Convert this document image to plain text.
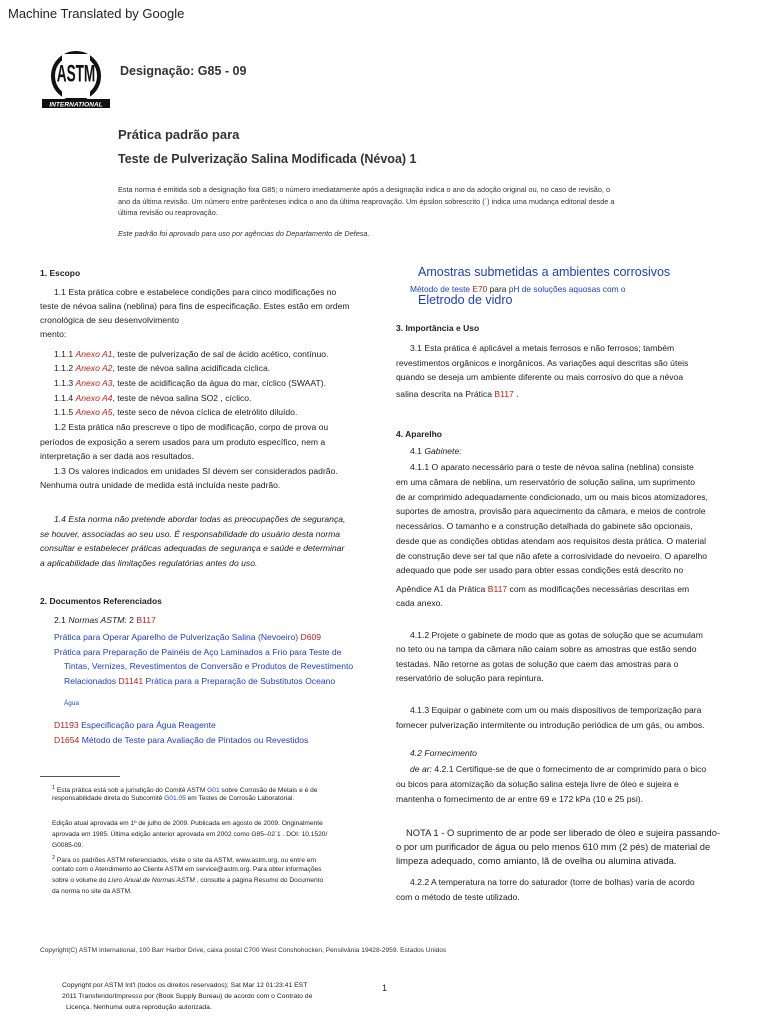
Machine Translated by Google
ASTM
INTERNATIONAL
Designação: G85 - 09
Prática padrão para
Teste de Pulverização Salina Modificada (Névoa) 1
Esta norma é emitida sob a designação fixa G85; o número imediatamente após a designação indica o ano da adoção original ou, no caso de revisão, o
ano da última revisão. Um número entre parênteses indica o ano da última reaprovação. Um épsilon sobrescrito (´) indica uma mudança editorial desde a
última revisão ou reaprovação.
Este padrão foi aprovado para uso por agências do Departamento de Defesa.
1. Escopo
1.1 Esta prática cobre e estabelece condições para cinco modificações no
teste de névoa salina (neblina) para fins de especificação. Estes estão em ordem
cronológica de seu desenvolvimento
mento:
1.1.1 Anexo A1, teste de pulverização de sal de ácido acético, contínuo.
1.1.2 Anexo A2, teste de névoa salina acidificada cíclica.
1.1.3 Anexo A3, teste de acidificação da água do mar, cíclico (SWAAT).
1.1.4 Anexo A4, teste de névoa salina SO2 , cíclico.
1.1.5 Anexo A5, teste seco de névoa cíclica de eletrólito diluído.
1.2 Esta prática não prescreve o tipo de modificação, corpo de prova ou
períodos de exposição a serem usados para um produto específico, nem a
interpretação a ser dada aos resultados.
1.3 Os valores indicados em unidades SI devem ser considerados padrão.
Nenhuma outra unidade de medida está incluída neste padrão.
1.4 Esta norma não pretende abordar todas as preocupações de segurança,
se houver, associadas ao seu uso. É responsabilidade do usuário desta norma
consultar e estabelecer práticas adequadas de segurança e saúde e determinar
a aplicabilidade das limitações regulatórias antes do uso.
2. Documentos Referenciados
2.1 Normas ASTM: 2 B117
Prática para Operar Aparelho de Pulverização Salina (Nevoeiro) D609
Prática para Preparação de Painéis de Aço Laminados a Frio para Teste de
Tintas, Vernizes, Revestimentos de Conversão e Produtos de Revestimento
Relacionados D1141 Prática para a Preparação de Substitutos Oceano
Água
D1193 Especificação para Água Reagente
D1654 Método de Teste para Avaliação de Pintados ou Revestidos
$^1$ Esta prática está sob a jurisdição do Comitê ASTM G01 sobre Corrosão de Metais e é de
responsabilidade direta do Subcomitê G01.05 em Testes de Corrosão Laboratorial.
Edição atual aprovada em 1º de julho de 2009. Publicada em agosto de 2009. Originalmente
aprovada em 1985. Última edição anterior aprovada em 2002 como G85–02´1 . DOI: 10.1520/
G0085-09.
$^2$ Para os padrões ASTM referenciados, visite o site da ASTM, www.astm.org, ou entre em
contato com o Atendimento ao Cliente ASTM em service@astm.org. Para obter informações
sobre o volume do Livro Anual de Normas ASTM , consulte a página Resumo do Documento
da norma no site da ASTM.
Amostras submetidas a ambientes corrosivos
Método de teste E70 para pH de soluções aquosas com o
Eletrodo de vidro
3. Importância e Uso
3.1 Esta prática é aplicável a metais ferrosos e não ferrosos; também
revestimentos orgânicos e inorgânicos. As variações aqui descritas são úteis
quando se deseja um ambiente diferente ou mais corrosivo do que a névoa
salina descrita na Prática B117 .
4. Aparelho
4.1 Gabinete:
4.1.1 O aparato necessário para o teste de névoa salina (neblina) consiste
em uma câmara de neblina, um reservatório de solução salina, um suprimento
de ar comprimido adequadamente condicionado, um ou mais bicos atomizadores,
suportes de amostra, provisão para aquecimento da câmara, e meios de controle
necessários. O tamanho e a construção detalhada do gabinete são opcionais,
desde que as condições obtidas atendam aos requisitos desta prática. O material
de construção deve ser tal que não afete a corrosividade do nevoeiro. O aparelho
adequado que pode ser usado para obter essas condições está descrito no
Apêndice A1 da Prática B117 com as modificações necessárias descritas em
cada anexo.
4.1.2 Projete o gabinete de modo que as gotas de solução que se acumulam
no teto ou na tampa da câmara não caiam sobre as amostras que estão sendo
testadas. Não retorne as gotas de solução que caem das amostras para o
reservatório de solução para repintura.
4.1.3 Equipar o gabinete com um ou mais dispositivos de temporização para
fornecer pulverização intermitente ou introdução periódica de um gás, ou ambos.
4.2 Fornecimento
de ar: 4.2.1 Certifique-se de que o fornecimento de ar comprimido para o bico
ou bicos para atomização da solução salina esteja livre de óleo e sujeira e
mantenha o fornecimento de ar entre 69 e 172 kPa (10 e 25 psi).
NOTA 1 - O suprimento de ar pode ser liberado de óleo e sujeira passando-
o por um purificador de água ou pelo menos 610 mm (2 pés) de material de
limpeza adequado, como amianto, lã de ovelha ou alumina ativada.
4.2.2 A temperatura na torre do saturador (torre de bolhas) varia de acordo
com o método de teste utilizado.
Copyright(C) ASTM International, 100 Barr Harbor Drive, caixa postal C700 West Conshohocken, Pensilvânia 19428-2959. Estados Unidos
Copyright por ASTM Int'l (todos os direitos reservados); Sat Mar 12 01:23:41 EST
2011 Transferido/Impresso por (Book Supply Bureau) de acordo com o Contrato de
Licença. Nenhuma outra reprodução autorizada.
1
